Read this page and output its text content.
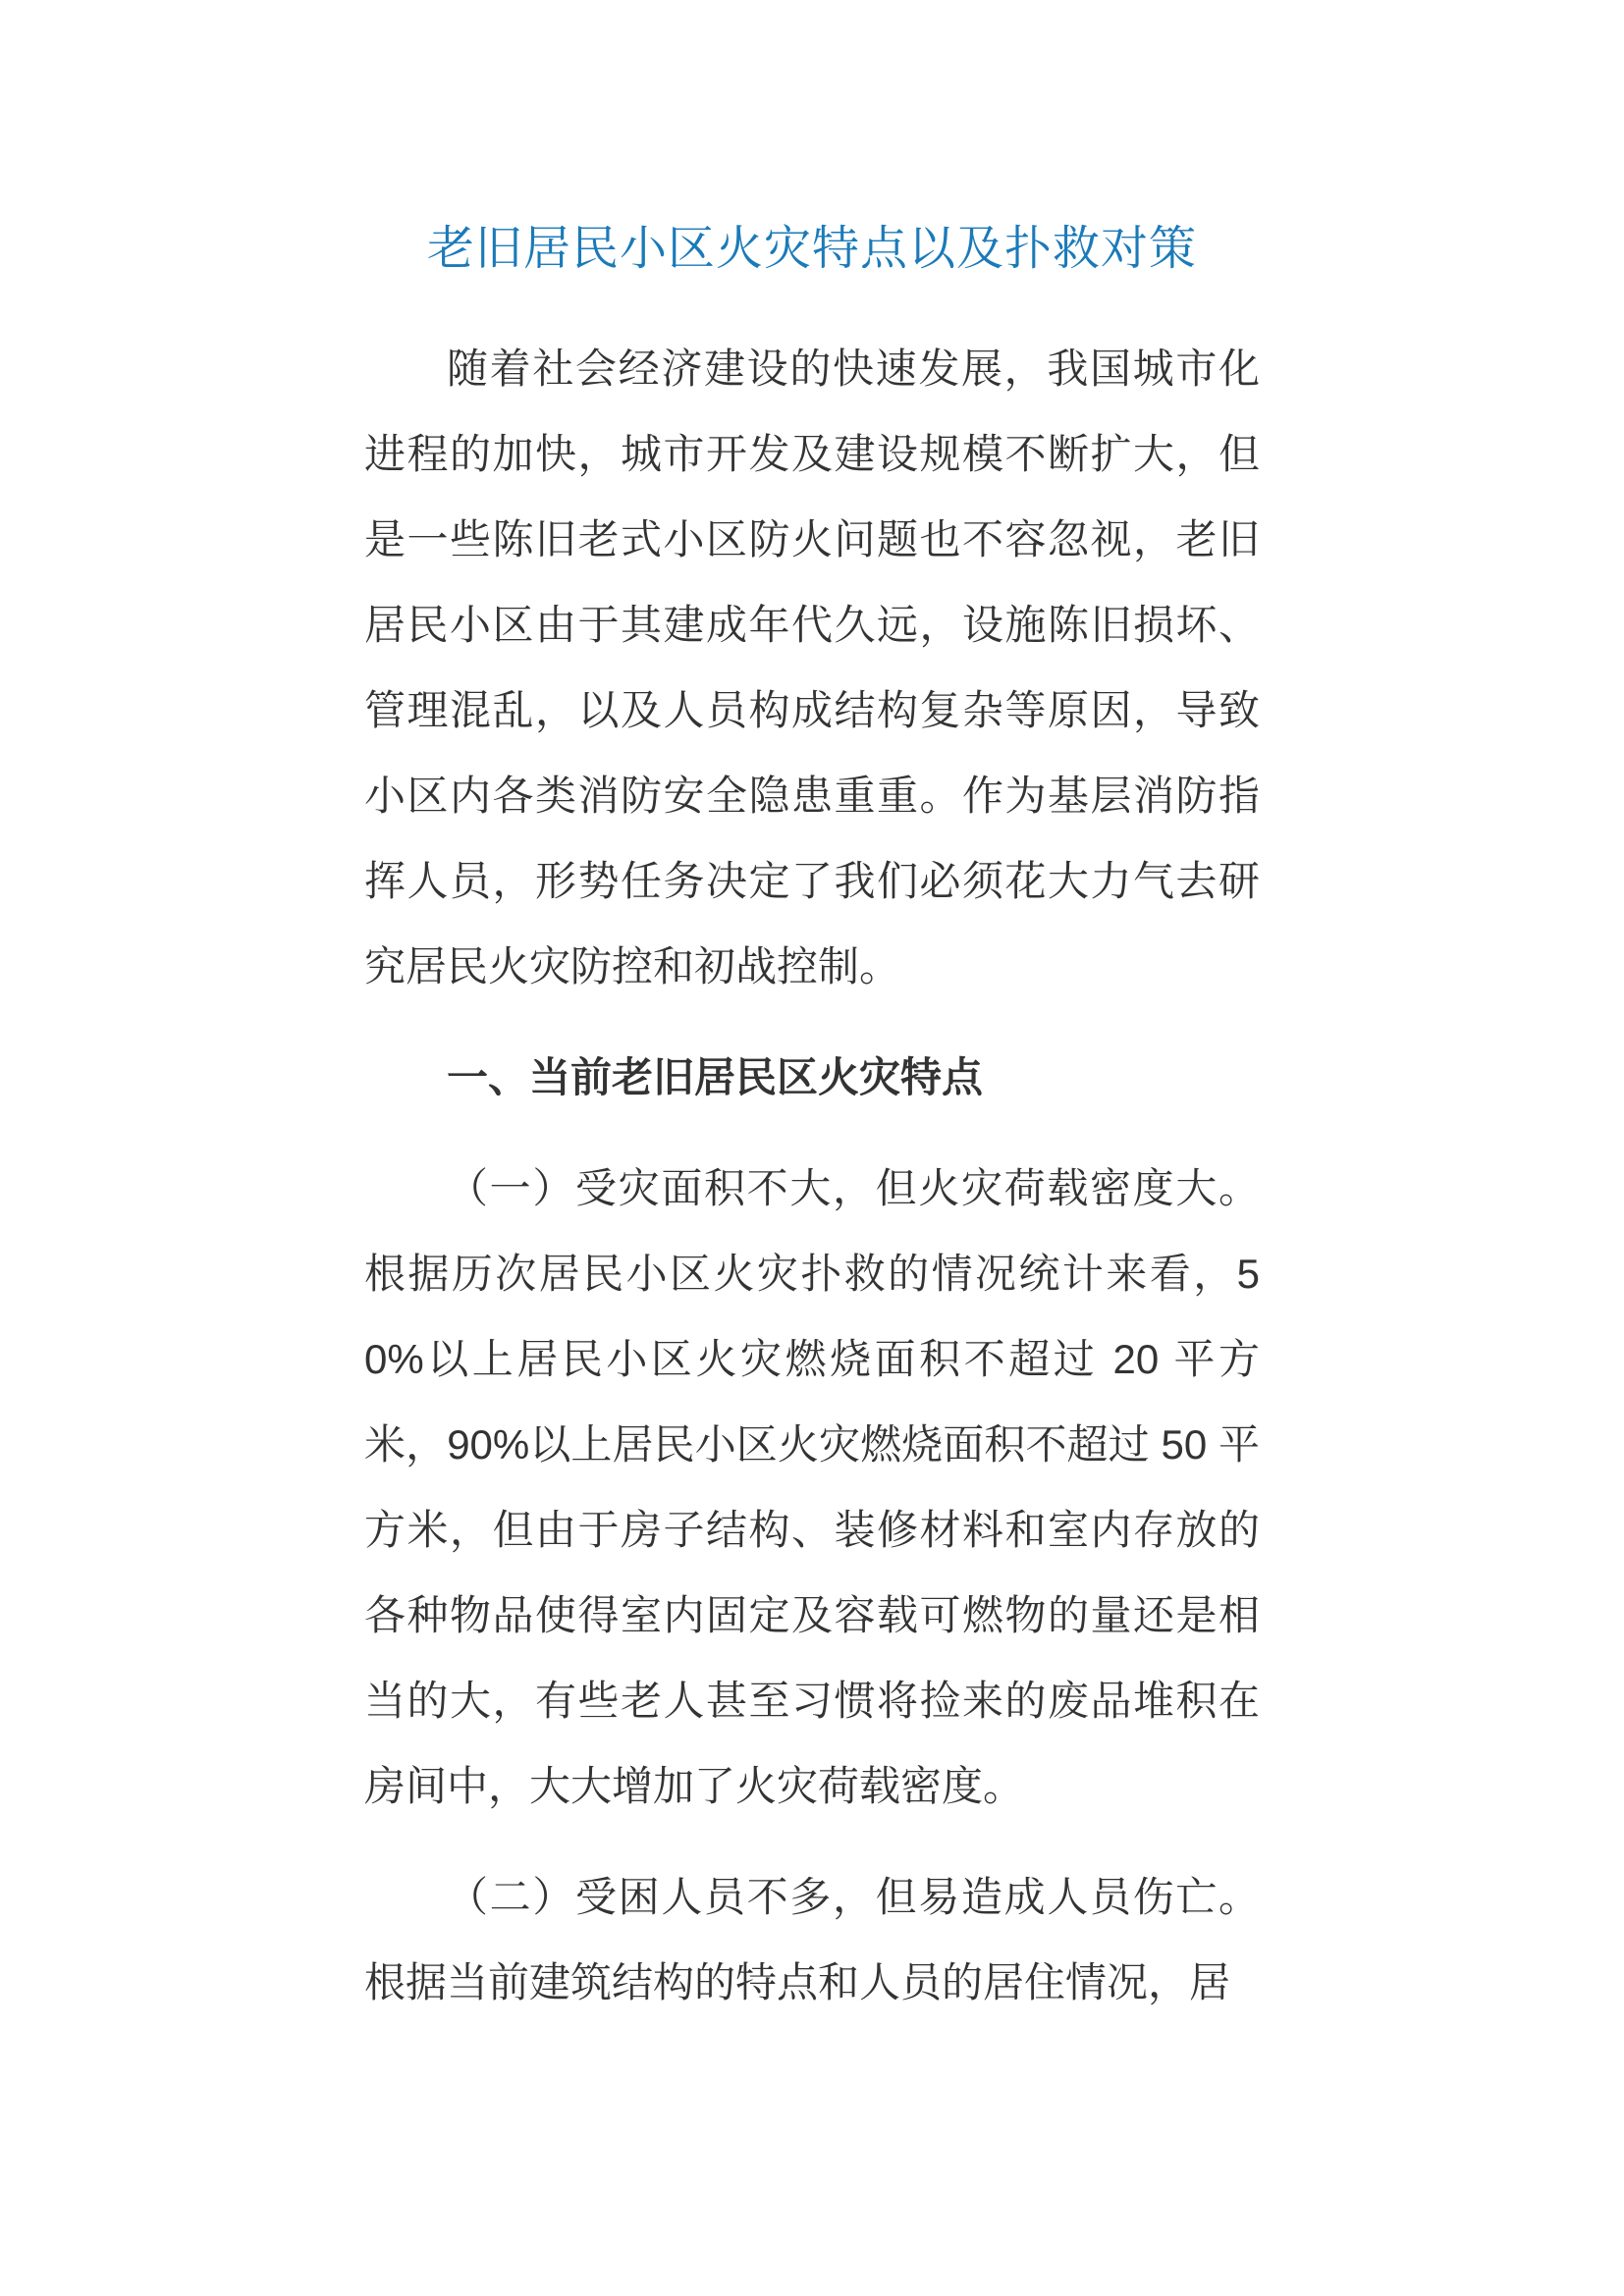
老旧居民小区火灾特点以及扑救对策

随着社会经济建设的快速发展，我国城市化进程的加快，城市开发及建设规模不断扩大，但是一些陈旧老式小区防火问题也不容忽视，老旧居民小区由于其建成年代久远，设施陈旧损坏、管理混乱，以及人员构成结构复杂等原因，导致小区内各类消防安全隐患重重。作为基层消防指挥人员，形势任务决定了我们必须花大力气去研究居民火灾防控和初战控制。

一、当前老旧居民区火灾特点

（一）受灾面积不大，但火灾荷载密度大。根据历次居民小区火灾扑救的情况统计来看，50%以上居民小区火灾燃烧面积不超过 20 平方米，90%以上居民小区火灾燃烧面积不超过 50 平方米，但由于房子结构、装修材料和室内存放的各种物品使得室内固定及容载可燃物的量还是相当的大，有些老人甚至习惯将捡来的废品堆积在房间中，大大增加了火灾荷载密度。

（二）受困人员不多，但易造成人员伤亡。根据当前建筑结构的特点和人员的居住情况，居
